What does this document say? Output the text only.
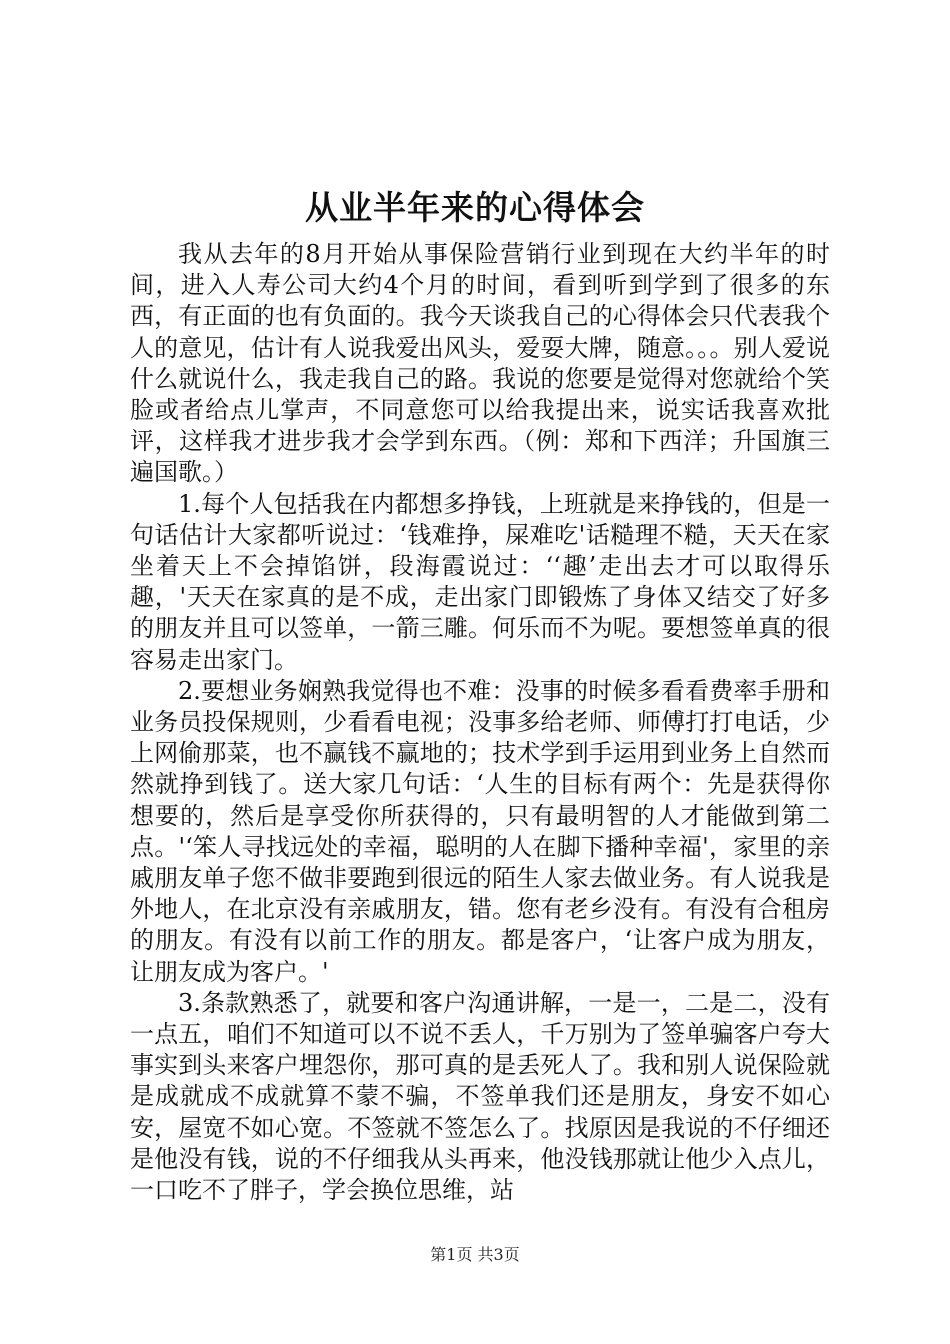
从业半年来的心得体会

我从去年的8月开始从事保险营销行业到现在大约半年的时间，进入人寿公司大约4个月的时间，看到听到学到了很多的东西，有正面的也有负面的。我今天谈我自己的心得体会只代表我个人的意见，估计有人说我爱出风头，爱耍大牌，随意。。。别人爱说什么就说什么，我走我自己的路。我说的您要是觉得对您就给个笑脸或者给点儿掌声，不同意您可以给我提出来，说实话我喜欢批评，这样我才进步我才会学到东西。（例：郑和下西洋；升国旗三遍国歌。）

1.每个人包括我在内都想多挣钱，上班就是来挣钱的，但是一句话估计大家都听说过：‘钱难挣，屎难吃'话糙理不糙，天天在家坐着天上不会掉馅饼，段海霞说过：‘‘趣’走出去才可以取得乐趣，'天天在家真的是不成，走出家门即锻炼了身体又结交了好多的朋友并且可以签单，一箭三雕。何乐而不为呢。要想签单真的很容易走出家门。

2.要想业务娴熟我觉得也不难：没事的时候多看看费率手册和业务员投保规则，少看看电视；没事多给老师、师傅打打电话，少上网偷那菜，也不赢钱不赢地的；技术学到手运用到业务上自然而然就挣到钱了。送大家几句话：‘人生的目标有两个：先是获得你想要的，然后是享受你所获得的，只有最明智的人才能做到第二点。'‘笨人寻找远处的幸福，聪明的人在脚下播种幸福'，家里的亲戚朋友单子您不做非要跑到很远的陌生人家去做业务。有人说我是外地人，在北京没有亲戚朋友，错。您有老乡没有。有没有合租房的朋友。有没有以前工作的朋友。都是客户，‘让客户成为朋友，让朋友成为客户。'

3.条款熟悉了，就要和客户沟通讲解，一是一，二是二，没有一点五，咱们不知道可以不说不丢人，千万别为了签单骗客户夸大事实到头来客户埋怨你，那可真的是丢死人了。我和别人说保险就是成就成不成就算不蒙不骗，不签单我们还是朋友，身安不如心安，屋宽不如心宽。不签就不签怎么了。找原因是我说的不仔细还是他没有钱，说的不仔细我从头再来，他没钱那就让他少入点儿，一口吃不了胖子，学会换位思维，站

第1页 共3页
